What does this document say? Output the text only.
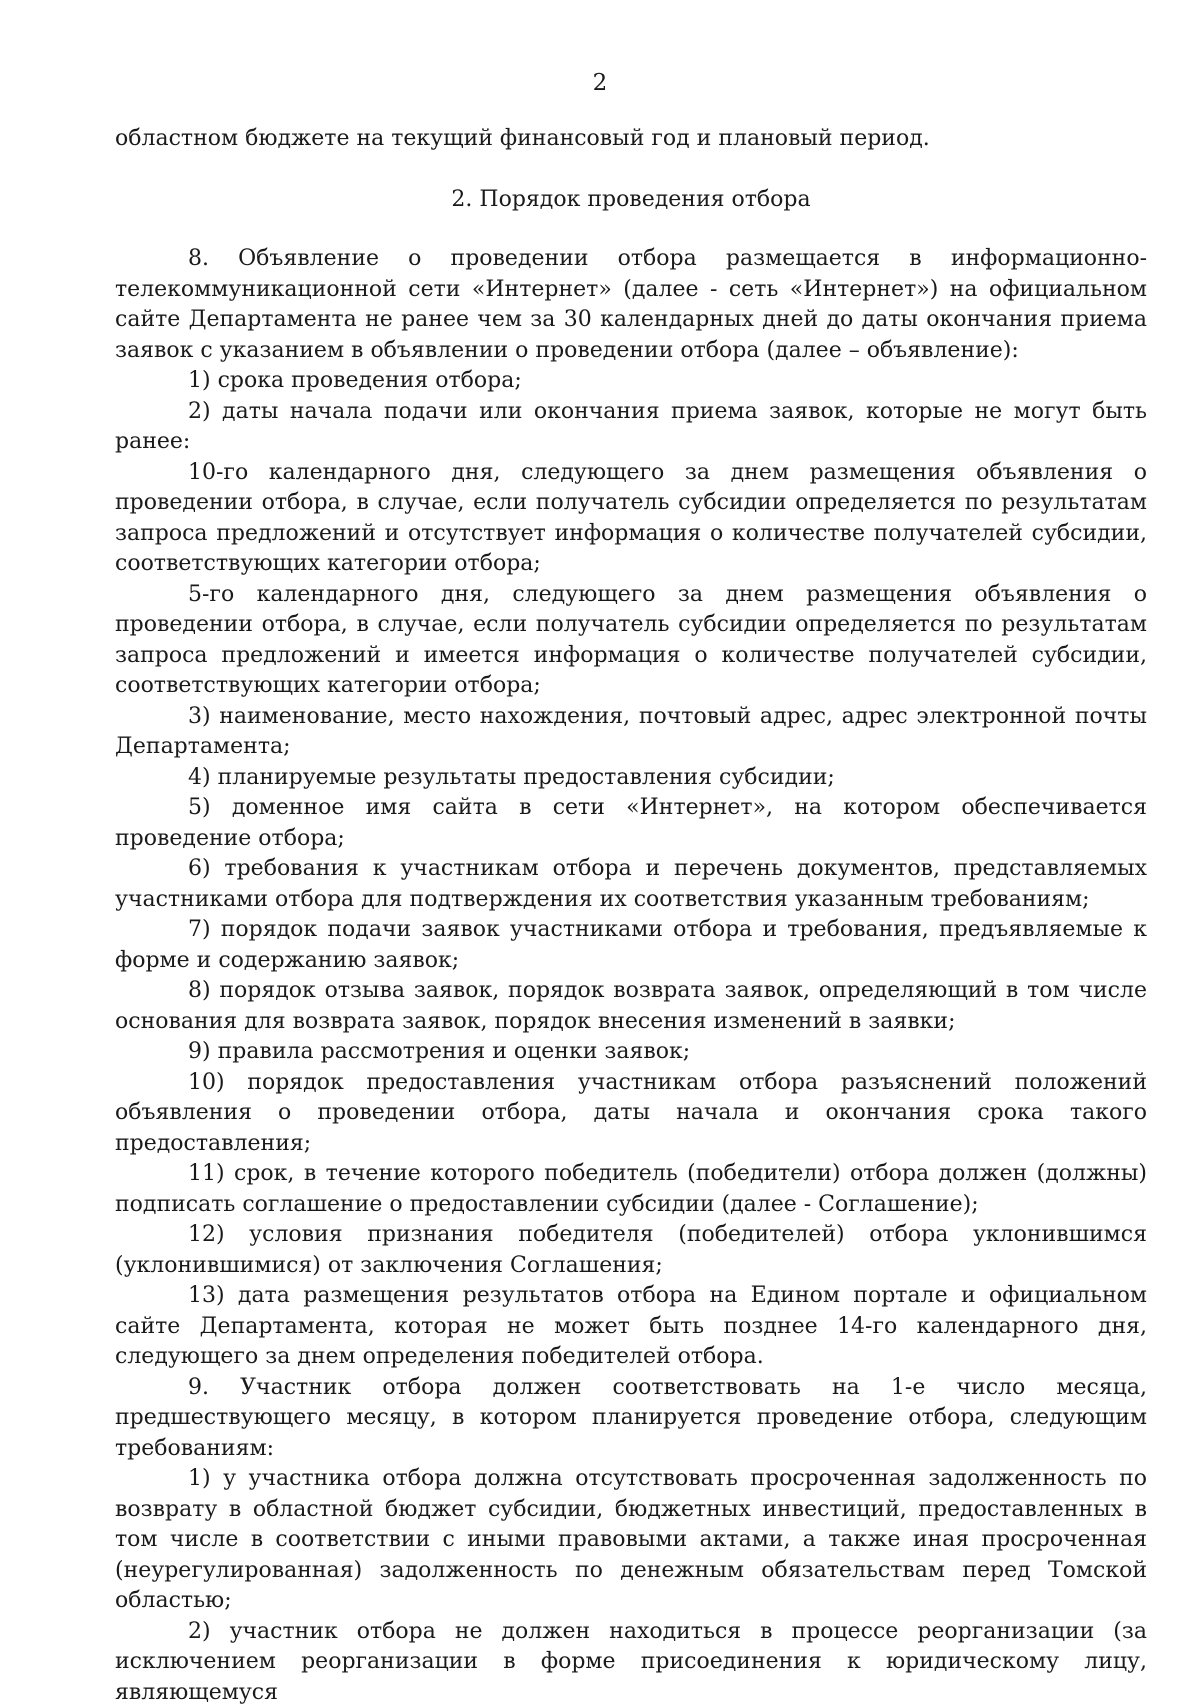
2

областном бюджете на текущий финансовый год и плановый период.

2. Порядок проведения отбора

8. Объявление о проведении отбора размещается в информационно-телекоммуникационной сети «Интернет» (далее - сеть «Интернет») на официальном сайте Департамента не ранее чем за 30 календарных дней до даты окончания приема заявок с указанием в объявлении о проведении отбора (далее – объявление):

1) срока проведения отбора;

2) даты начала подачи или окончания приема заявок, которые не могут быть ранее:

10-го календарного дня, следующего за днем размещения объявления о проведении отбора, в случае, если получатель субсидии определяется по результатам запроса предложений и отсутствует информация о количестве получателей субсидии, соответствующих категории отбора;

5-го календарного дня, следующего за днем размещения объявления о проведении отбора, в случае, если получатель субсидии определяется по результатам запроса предложений и имеется информация о количестве получателей субсидии, соответствующих категории отбора;

3) наименование, место нахождения, почтовый адрес, адрес электронной почты Департамента;

4) планируемые результаты предоставления субсидии;

5) доменное имя сайта в сети «Интернет», на котором обеспечивается проведение отбора;

6) требования к участникам отбора и перечень документов, представляемых участниками отбора для подтверждения их соответствия указанным требованиям;

7) порядок подачи заявок участниками отбора и требования, предъявляемые к форме и содержанию заявок;

8) порядок отзыва заявок, порядок возврата заявок, определяющий в том числе основания для возврата заявок, порядок внесения изменений в заявки;

9) правила рассмотрения и оценки заявок;

10) порядок предоставления участникам отбора разъяснений положений объявления о проведении отбора, даты начала и окончания срока такого предоставления;

11) срок, в течение которого победитель (победители) отбора должен (должны) подписать соглашение о предоставлении субсидии (далее - Соглашение);

12) условия признания победителя (победителей) отбора уклонившимся (уклонившимися) от заключения Соглашения;

13) дата размещения результатов отбора на Едином портале и официальном сайте Департамента, которая не может быть позднее 14-го календарного дня, следующего за днем определения победителей отбора.

9. Участник отбора должен соответствовать на 1-е число месяца, предшествующего месяцу, в котором планируется проведение отбора, следующим требованиям:

1) у участника отбора должна отсутствовать просроченная задолженность по возврату в областной бюджет субсидии, бюджетных инвестиций, предоставленных в том числе в соответствии с иными правовыми актами, а также иная просроченная (неурегулированная) задолженность по денежным обязательствам перед Томской областью;

2) участник отбора не должен находиться в процессе реорганизации (за исключением реорганизации в форме присоединения к юридическому лицу, являющемуся
